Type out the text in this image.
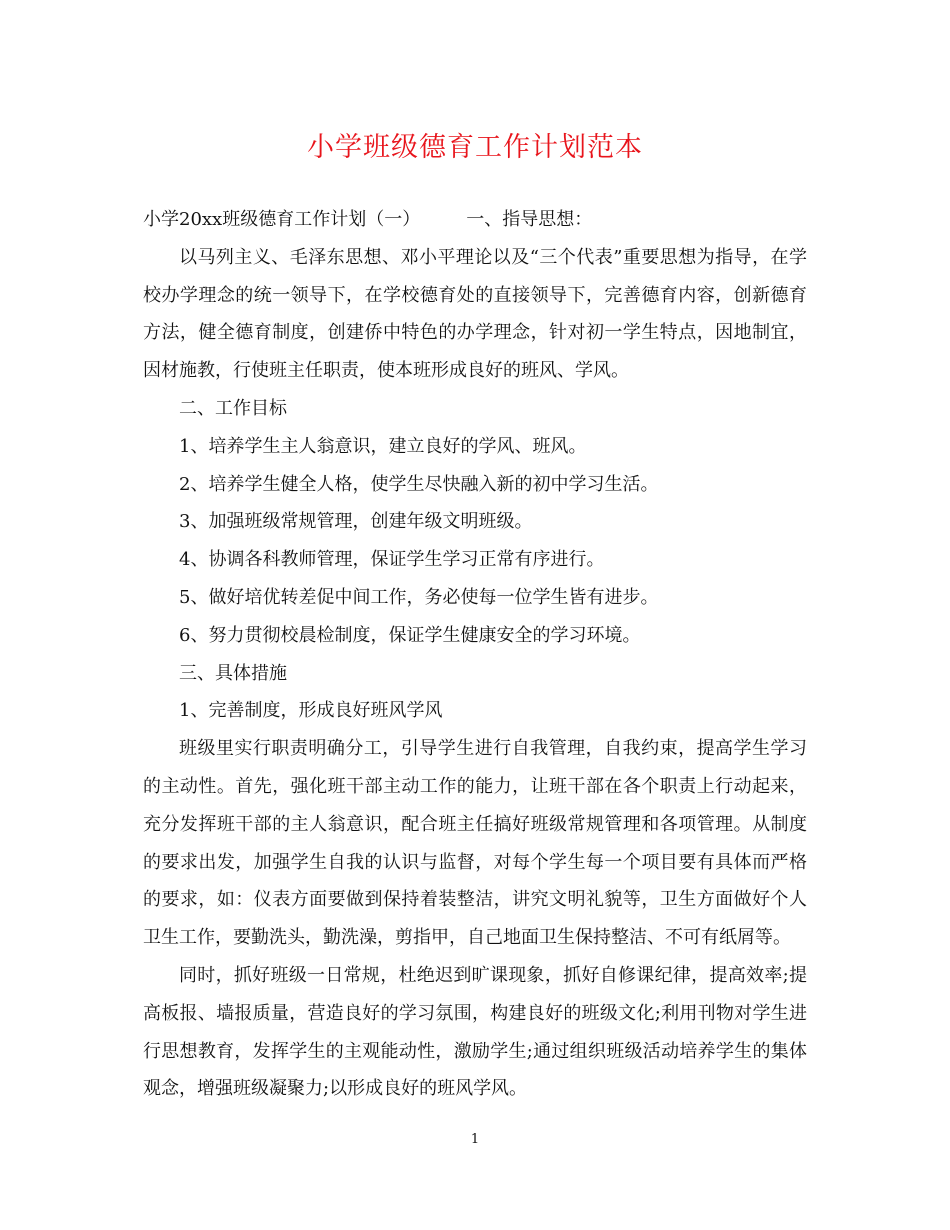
小学班级德育工作计划范本

小学20xx班级德育工作计划（一）	一、指导思想：

以马列主义、毛泽东思想、邓小平理论以及“三个代表”重要思想为指导，在学校办学理念的统一领导下，在学校德育处的直接领导下，完善德育内容，创新德育方法，健全德育制度，创建侨中特色的办学理念，针对初一学生特点，因地制宜，因材施教，行使班主任职责，使本班形成良好的班风、学风。

二、工作目标

1、培养学生主人翁意识，建立良好的学风、班风。

2、培养学生健全人格，使学生尽快融入新的初中学习生活。

3、加强班级常规管理，创建年级文明班级。

4、协调各科教师管理，保证学生学习正常有序进行。

5、做好培优转差促中间工作，务必使每一位学生皆有进步。

6、努力贯彻校晨检制度，保证学生健康安全的学习环境。

三、具体措施

1、完善制度，形成良好班风学风

班级里实行职责明确分工，引导学生进行自我管理，自我约束，提高学生学习的主动性。首先，强化班干部主动工作的能力，让班干部在各个职责上行动起来，充分发挥班干部的主人翁意识，配合班主任搞好班级常规管理和各项管理。从制度的要求出发，加强学生自我的认识与监督，对每个学生每一个项目要有具体而严格的要求，如：仪表方面要做到保持着装整洁，讲究文明礼貌等，卫生方面做好个人卫生工作，要勤洗头，勤洗澡，剪指甲，自己地面卫生保持整洁、不可有纸屑等。

同时，抓好班级一日常规，杜绝迟到旷课现象，抓好自修课纪律，提高效率;提高板报、墙报质量，营造良好的学习氛围，构建良好的班级文化;利用刊物对学生进行思想教育，发挥学生的主观能动性，激励学生;通过组织班级活动培养学生的集体观念，增强班级凝聚力;以形成良好的班风学风。

1
